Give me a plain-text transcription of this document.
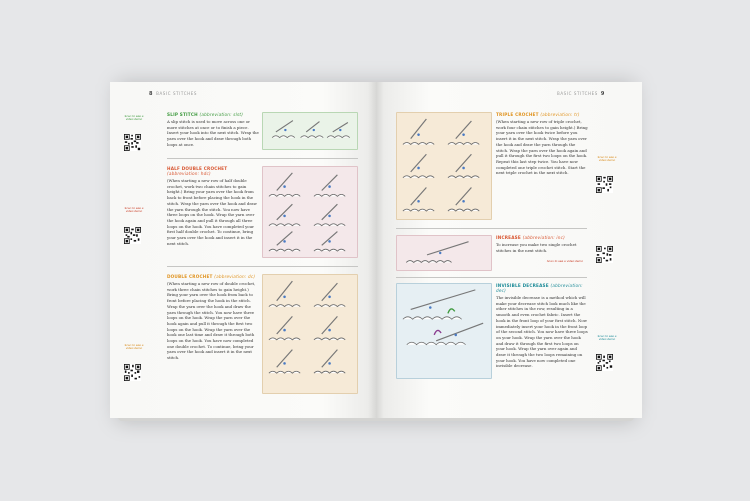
8 BASIC STITCHES
Scan to see a video demo
SLIP STITCH (abbreviation: slst)
A slip stitch is used to move across one or more stitches at once or to finish a piece. Insert your hook into the next stitch. Wrap the yarn over the hook and draw through both loops at once.
Scan to see a video demo
HALF DOUBLE CROCHET (abbreviation: hdc)
(When starting a new row of half double crochet, work two chain stitches to gain height.) Bring your yarn over the hook from back to front before placing the hook in the stitch. Wrap the yarn over the hook and draw the yarn through the stitch. You now have three loops on the hook. Wrap the yarn over the hook again and pull it through all three loops on the hook. You have completed your first half double crochet. To continue, bring your yarn over the hook and insert it in the next stitch.
Scan to see a video demo
DOUBLE CROCHET (abbreviation: dc)
(When starting a new row of double crochet, work three chain stitches to gain height.) Bring your yarn over the hook from back to front before placing the hook in the stitch. Wrap the yarn over the hook and draw the yarn through the stitch. You now have three loops on the hook. Wrap the yarn over the hook again and pull it through the first two loops on the hook. Wrap the yarn over the hook one last time and draw it through both loops on the hook. You have now completed one double crochet. To continue, bring your yarn over the hook and insert it in the next stitch.
BASIC STITCHES 9
TRIPLE CROCHET (abbreviation: tr)
(When starting a new row of triple crochet, work four chain stitches to gain height.) Bring your yarn over the hook twice before you insert it in the next stitch. Wrap the yarn over the hook and draw the yarn through the stitch. Wrap the yarn over the hook again and pull it through the first two loops on the hook. Repeat this last step twice. You have now completed one triple crochet stitch. Start the next triple crochet in the next stitch.
Scan to see a video demo
INCREASE (abbreviation: inc)
To increase you make two single crochet stitches in the next stitch.
Scan to see a video demo
INVISIBLE DECREASE (abbreviation: dec)
The invisible decrease is a method which will make your decrease stitch look much like the other stitches in the row, resulting in a smooth and even crochet fabric. Insert the hook in the front loop of your first stitch. Now immediately insert your hook in the front loop of the second stitch. You now have three loops on your hook. Wrap the yarn over the hook and draw it through the first two loops on your hook. Wrap the yarn over again and draw it through the two loops remaining on your hook. You have now completed one invisible decrease.
Scan to see a video demo
